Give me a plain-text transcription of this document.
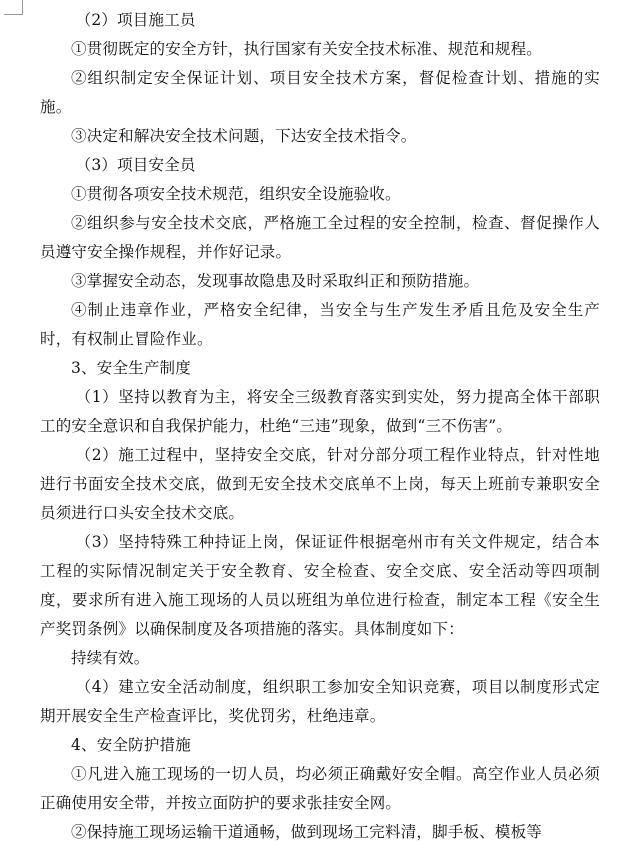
（2）项目施工员

①贯彻既定的安全方针，执行国家有关安全技术标准、规范和规程。

②组织制定安全保证计划、项目安全技术方案，督促检查计划、措施的实施。

③决定和解决安全技术问题，下达安全技术指令。

（3）项目安全员

①贯彻各项安全技术规范，组织安全设施验收。

②组织参与安全技术交底，严格施工全过程的安全控制，检查、督促操作人员遵守安全操作规程，并作好记录。

③掌握安全动态，发现事故隐患及时采取纠正和预防措施。

④制止违章作业，严格安全纪律，当安全与生产发生矛盾且危及安全生产时，有权制止冒险作业。

3、安全生产制度

（1）坚持以教育为主，将安全三级教育落实到实处，努力提高全体干部职工的安全意识和自我保护能力，杜绝“三违”现象，做到“三不伤害”。

（2）施工过程中，坚持安全交底，针对分部分项工程作业特点，针对性地进行书面安全技术交底，做到无安全技术交底单不上岗，每天上班前专兼职安全员须进行口头安全技术交底。

（3）坚持特殊工种持证上岗，保证证件根据亳州市有关文件规定，结合本工程的实际情况制定关于安全教育、安全检查、安全交底、安全活动等四项制度，要求所有进入施工现场的人员以班组为单位进行检查，制定本工程《安全生产奖罚条例》以确保制度及各项措施的落实。具体制度如下：

持续有效。

（4）建立安全活动制度，组织职工参加安全知识竞赛，项目以制度形式定期开展安全生产检查评比，奖优罚劣，杜绝违章。

4、安全防护措施

①凡进入施工现场的一切人员，均必须正确戴好安全帽。高空作业人员必须正确使用安全带，并按立面防护的要求张挂安全网。

②保持施工现场运输干道通畅，做到现场工完料清，脚手板、模板等
